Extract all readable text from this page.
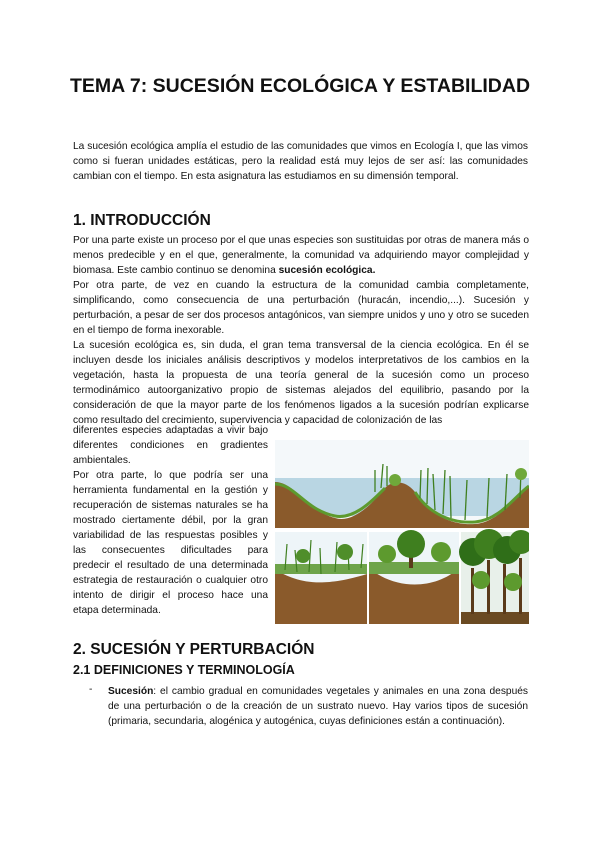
TEMA 7: SUCESIÓN ECOLÓGICA Y ESTABILIDAD

La sucesión ecológica amplía el estudio de las comunidades que vimos en Ecología I, que las vimos como si fueran unidades estáticas, pero la realidad está muy lejos de ser así: las comunidades cambian con el tiempo. En esta asignatura las estudiamos en su dimensión temporal.

1. INTRODUCCIÓN

Por una parte existe un proceso por el que unas especies son sustituidas por otras de manera más o menos predecible y en el que, generalmente, la comunidad va adquiriendo mayor complejidad y biomasa. Este cambio continuo se denomina sucesión ecológica.

Por otra parte, de vez en cuando la estructura de la comunidad cambia completamente, simplificando, como consecuencia de una perturbación (huracán, incendio,...). Sucesión y perturbación, a pesar de ser dos procesos antagónicos, van siempre unidos y uno y otro se suceden en el tiempo de forma inexorable.

La sucesión ecológica es, sin duda, el gran tema transversal de la ciencia ecológica. En él se incluyen desde los iniciales análisis descriptivos y modelos interpretativos de los cambios en la vegetación, hasta la propuesta de una teoría general de la sucesión como un proceso termodinámico autoorganizativo propio de sistemas alejados del equilibrio, pasando por la consideración de que la mayor parte de los fenómenos ligados a la sucesión podrían explicarse como resultado del crecimiento, supervivencia y capacidad de colonización de las

diferentes especies adaptadas a vivir bajo diferentes condiciones en gradientes ambientales.

Por otra parte, lo que podría ser una herramienta fundamental en la gestión y recuperación de sistemas naturales se ha mostrado ciertamente débil, por la gran variabilidad de las respuestas posibles y las consecuentes dificultades para predecir el resultado de una determinada estrategia de restauración o cualquier otro intento de dirigir el proceso hace una etapa determinada.

2. SUCESIÓN Y PERTURBACIÓN
2.1 DEFINICIONES Y TERMINOLOGÍA
- Sucesión: el cambio gradual en comunidades vegetales y animales en una zona después de una perturbación o de la creación de un sustrato nuevo. Hay varios tipos de sucesión (primaria, secundaria, alogénica y autogénica, cuyas definiciones están a continuación).
